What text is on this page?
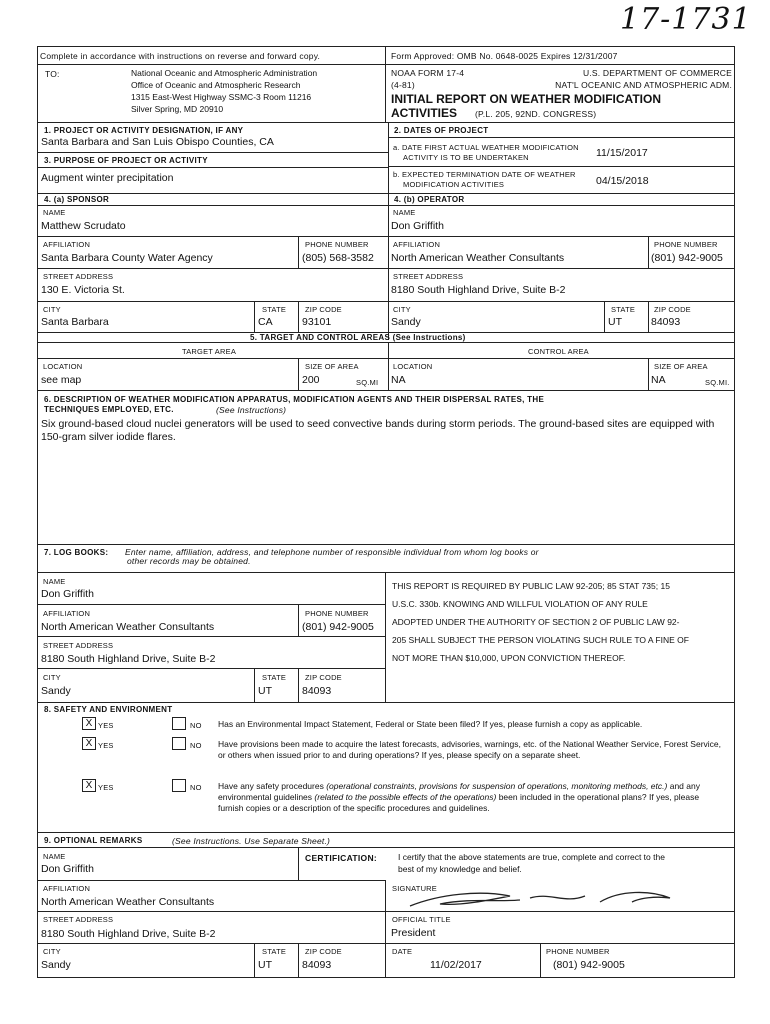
17-1731
Complete in accordance with instructions on reverse and forward copy.
TO:	National Oceanic and Atmospheric Administration
Office of Oceanic and Atmospheric Research
1315 East-West Highway SSMC-3 Room 11216
Silver Spring, MD 20910
Form Approved: OMB No. 0648-0025 Expires 12/31/2007
NOAA FORM 17-4
(4-81)
U.S. DEPARTMENT OF COMMERCE
NAT'L OCEANIC AND ATMOSPHERIC ADM.
INITIAL REPORT ON WEATHER MODIFICATION
ACTIVITIES (P.L. 205, 92ND. CONGRESS)
1. PROJECT OR ACTIVITY DESIGNATION, IF ANY
Santa Barbara and San Luis Obispo Counties, CA
3. PURPOSE OF PROJECT OR ACTIVITY
Augment winter precipitation
2. DATES OF PROJECT
a. DATE FIRST ACTUAL WEATHER MODIFICATION
ACTIVITY IS TO BE UNDERTAKEN	11/15/2017
b. EXPECTED TERMINATION DATE OF WEATHER
MODIFICATION ACTIVITIES	04/15/2018
4. (a) SPONSOR	4. (b) OPERATOR
NAME
Matthew Scrudato
AFFILIATION
Santa Barbara County Water Agency
PHONE NUMBER
(805) 568-3582
STREET ADDRESS
130 E. Victoria St.
CITY
Santa Barbara
STATE
CA
ZIP CODE
93101
NAME
Don Griffith
AFFILIATION
North American Weather Consultants
PHONE NUMBER
(801) 942-9005
STREET ADDRESS
8180 South Highland Drive, Suite B-2
CITY
Sandy
STATE
UT
ZIP CODE
84093
5. TARGET AND CONTROL AREAS (See Instructions)
TARGET AREA	CONTROL AREA
LOCATION
see map
SIZE OF AREA
200	SQ.MI
LOCATION
NA
SIZE OF AREA
NA	SQ.MI.
6. DESCRIPTION OF WEATHER MODIFICATION APPARATUS, MODIFICATION AGENTS AND THEIR DISPERSAL RATES, THE
TECHNIQUES EMPLOYED, ETC.	(See Instructions)
Six ground-based cloud nuclei generators will be used to seed convective bands during storm periods. The ground-based sites are equipped with 150-gram silver iodide flares.
7. LOG BOOKS: Enter name, affiliation, address, and telephone number of responsible individual from whom log books or
other records may be obtained.
NAME
Don Griffith
AFFILIATION
North American Weather Consultants
PHONE NUMBER
(801) 942-9005
STREET ADDRESS
8180 South Highland Drive, Suite B-2
CITY
Sandy
STATE
UT
ZIP CODE
84093
THIS REPORT IS REQUIRED BY PUBLIC LAW 92-205; 85 STAT 735; 15
U.S.C. 330b. KNOWING AND WILLFUL VIOLATION OF ANY RULE
ADOPTED UNDER THE AUTHORITY OF SECTION 2 OF PUBLIC LAW 92-
205 SHALL SUBJECT THE PERSON VIOLATING SUCH RULE TO A FINE OF
NOT MORE THAN $10,000, UPON CONVICTION THEREOF.
8. SAFETY AND ENVIRONMENT
X YES	NO Has an Environmental Impact Statement, Federal or State been filed? If yes, please furnish a copy as applicable.
X YES	NO Have provisions been made to acquire the latest forecasts, advisories, warnings, etc. of the National Weather Service, Forest Service, or others when issued prior to and during operations? If yes, please specify on a separate sheet.
X YES	NO Have any safety procedures (operational constraints, provisions for suspension of operations, monitoring methods, etc.) and any environmental guidelines (related to the possible effects of the operations) been included in the operational plans? If yes, please furnish copies or a description of the specific procedures and guidelines.
9. OPTIONAL REMARKS	(See Instructions. Use Separate Sheet.)
NAME
Don Griffith
AFFILIATION
North American Weather Consultants
STREET ADDRESS
8180 South Highland Drive, Suite B-2
CITY
Sandy
STATE
UT
ZIP CODE
84093
CERTIFICATION: I certify that the above statements are true, complete and correct to the
best of my knowledge and belief.
SIGNATURE
OFFICIAL TITLE
President
DATE
11/02/2017
PHONE NUMBER
(801) 942-9005
